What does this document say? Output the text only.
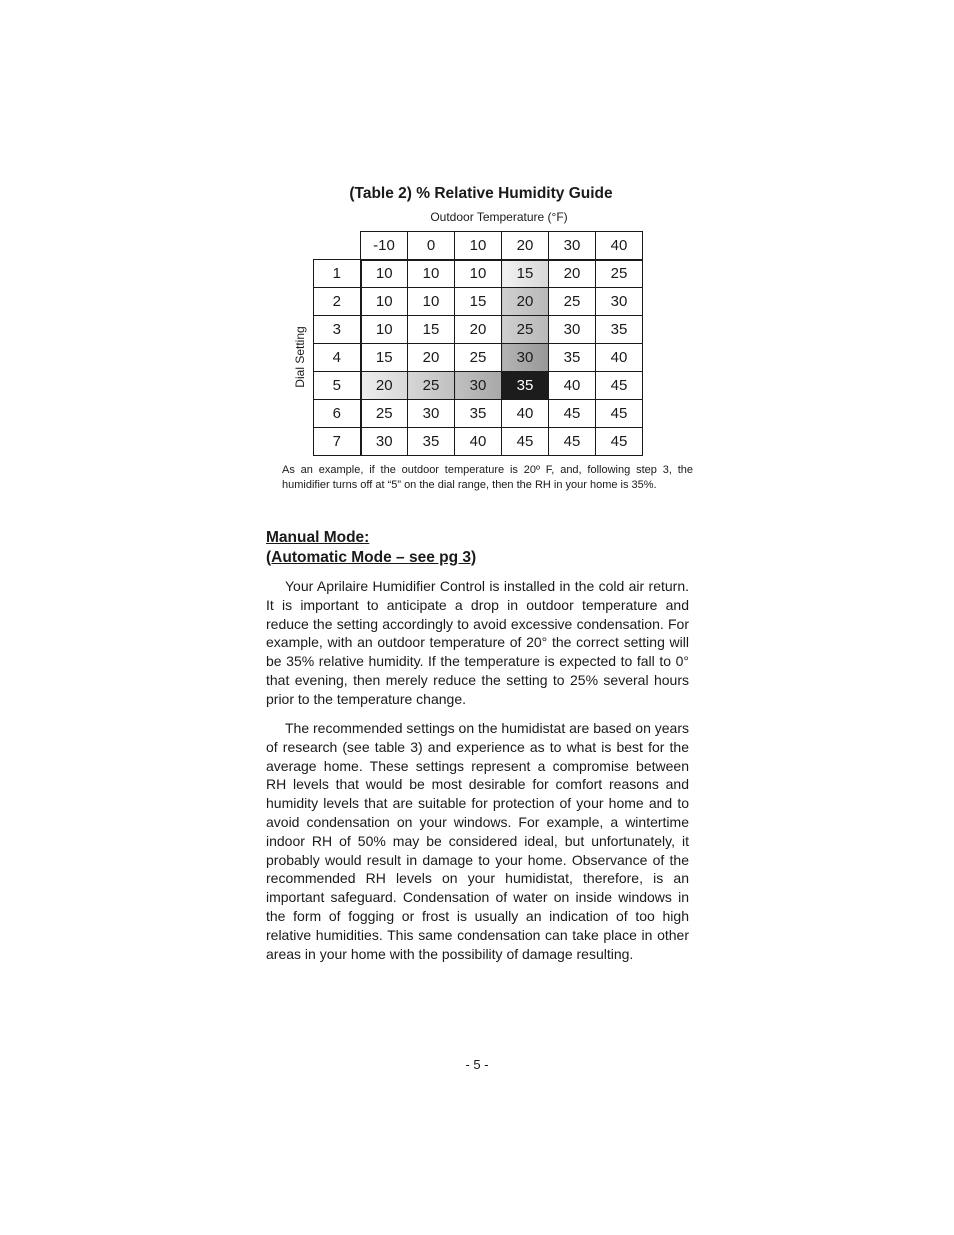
(Table 2) % Relative Humidity Guide
Outdoor Temperature (°F)
Dial Setting
	-10	0	10	20	30	40
1	10	10	10	15	20	25
2	10	10	15	20	25	30
3	10	15	20	25	30	35
4	15	20	25	30	35	40
5	20	25	30	35	40	45
6	25	30	35	40	45	45
7	30	35	40	45	45	45
As an example, if the outdoor temperature is 20º F, and, following step 3, the humidifier turns off at “5” on the dial range, then the RH in your home is 35%.
Manual Mode:
(Automatic Mode – see pg 3)

Your Aprilaire Humidifier Control is installed in the cold air return. It is important to anticipate a drop in outdoor temperature and reduce the setting accordingly to avoid excessive condensation. For example, with an outdoor temperature of 20° the correct setting will be 35% relative humidity. If the temperature is expected to fall to 0° that evening, then merely reduce the setting to 25% several hours prior to the temperature change.

The recommended settings on the humidistat are based on years of research (see table 3) and experience as to what is best for the average home. These settings represent a compromise between RH levels that would be most desirable for comfort reasons and humidity levels that are suitable for protection of your home and to avoid condensation on your windows. For example, a wintertime indoor RH of 50% may be considered ideal, but unfortunately, it probably would result in damage to your home. Observance of the recommended RH levels on your humidistat, therefore, is an important safeguard. Condensation of water on inside windows in the form of fogging or frost is usually an indication of too high relative humidities. This same condensation can take place in other areas in your home with the possibility of damage resulting.

- 5 -
